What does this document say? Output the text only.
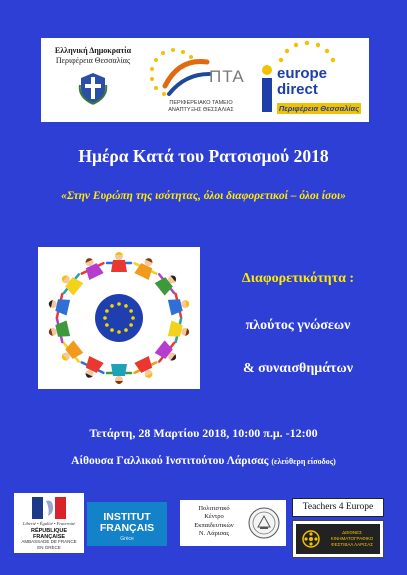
Ελληνική Δημοκρατία
Περιφέρεια Θεσσαλίας
ΠΤΑ
ΠΕΡΙΦΕΡΕΙΑΚΟ ΤΑΜΕΙΟ
ΑΝΑΠΤΥΞΗΣ ΘΕΣΣΑΛΙΑΣ
europe
direct
Περιφέρεια Θεσσαλίας
Ημέρα Κατά του Ρατσισμού 2018
«Στην Ευρώπη της ισότητας, όλοι διαφορετικοί – όλοι ίσοι»
Διαφορετικότητα :
πλούτος γνώσεων
& συναισθημάτων
Τετάρτη, 28 Μαρτίου 2018, 10:00 π.μ. -12:00
Αίθουσα Γαλλικού Ινστιτούτου Λάρισας (ελεύθερη είσοδος)
Liberté • Égalité • Fraternité
RÉPUBLIQUE FRANÇAISE
AMBASSADE DE FRANCE
EN GRÈCE
INSTITUT
FRANÇAIS
Grèce
Πολιτιστικό
Κέντρο
Εκπαιδευτικών
Ν. Λάρισας
Teachers 4 Europe
ΔΙΕΘΝΕΣ
ΚΙΝΗΜΑΤΟΓΡΑΦΙΚΟ
ΦΕΣΤΙΒΑΛ ΛΑΡΙΣΑΣ
